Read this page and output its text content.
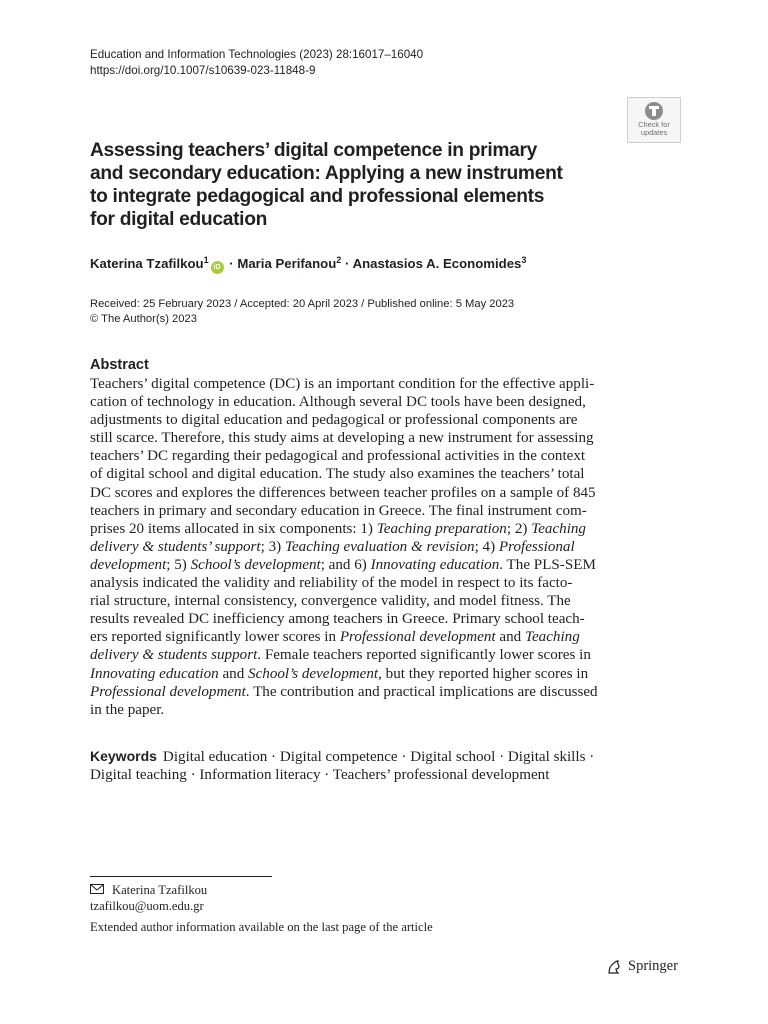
Education and Information Technologies (2023) 28:16017–16040
https://doi.org/10.1007/s10639-023-11848-9
Check for
updates
Assessing teachers’ digital competence in primary
and secondary education: Applying a new instrument
to integrate pedagogical and professional elements
for digital education
Katerina Tzafilkou$^1$iD · Maria Perifanou$^2$ · Anastasios A. Economides$^3$
Received: 25 February 2023 / Accepted: 20 April 2023 / Published online: 5 May 2023
© The Author(s) 2023
Abstract
Teachers’ digital competence (DC) is an important condition for the effective appli-
cation of technology in education. Although several DC tools have been designed,
adjustments to digital education and pedagogical or professional components are
still scarce. Therefore, this study aims at developing a new instrument for assessing
teachers’ DC regarding their pedagogical and professional activities in the context
of digital school and digital education. The study also examines the teachers’ total
DC scores and explores the differences between teacher profiles on a sample of 845
teachers in primary and secondary education in Greece. The final instrument com-
prises 20 items allocated in six components: 1) Teaching preparation; 2) Teaching
delivery & students’ support; 3) Teaching evaluation & revision; 4) Professional
development; 5) School’s development; and 6) Innovating education. The PLS-SEM
analysis indicated the validity and reliability of the model in respect to its facto-
rial structure, internal consistency, convergence validity, and model fitness. The
results revealed DC inefficiency among teachers in Greece. Primary school teach-
ers reported significantly lower scores in Professional development and Teaching
delivery & students support. Female teachers reported significantly lower scores in
Innovating education and School’s development, but they reported higher scores in
Professional development. The contribution and practical implications are discussed
in the paper.
Keywords Digital education · Digital competence · Digital school · Digital skills ·
Digital teaching · Information literacy · Teachers’ professional development
Katerina Tzafilkou
tzafilkou@uom.edu.gr
Extended author information available on the last page of the article
Springer
